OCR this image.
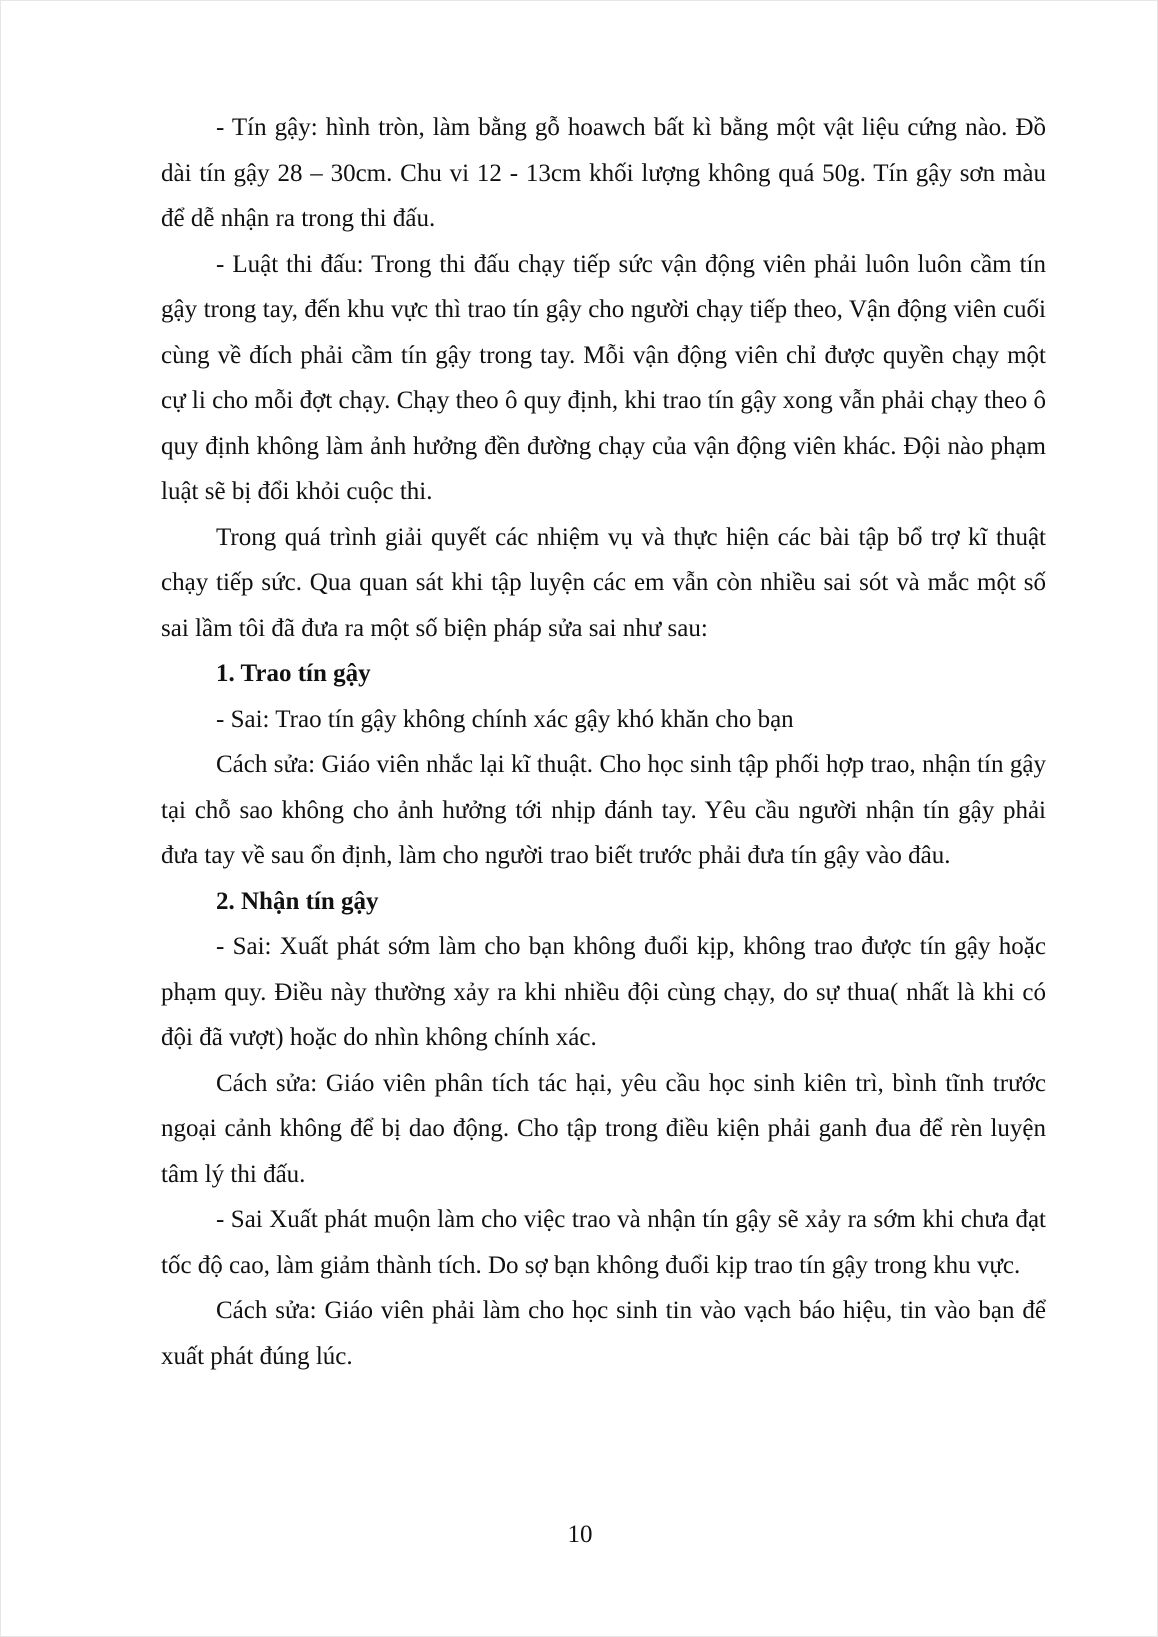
- Tín gậy: hình tròn, làm bằng gỗ hoawch bất kì bằng một vật liệu cứng nào. Đồ dài tín gậy 28 – 30cm. Chu vi 12 - 13cm khối lượng không quá 50g. Tín gậy sơn màu để dễ nhận ra trong thi đấu.

- Luật thi đấu: Trong thi đấu chạy tiếp sức vận động viên phải luôn luôn cầm tín gậy trong tay, đến khu vực thì trao tín gậy cho người chạy tiếp theo, Vận động viên cuối cùng về đích phải cầm tín gậy trong tay. Mỗi vận động viên chỉ được quyền chạy một cự li cho mỗi đợt chạy. Chạy theo ô quy định, khi trao tín gậy xong vẫn phải chạy theo ô quy định không làm ảnh hưởng đền đường chạy của vận động viên khác. Đội nào phạm luật sẽ bị đổi khỏi cuộc thi.

Trong quá trình giải quyết các nhiệm vụ và thực hiện các bài tập bổ trợ kĩ thuật chạy tiếp sức. Qua quan sát khi tập luyện các em vẫn còn nhiều sai sót và mắc một số sai lầm tôi đã đưa ra một số biện pháp sửa sai như sau:

1. Trao tín gậy

- Sai: Trao tín gậy không chính xác gậy khó khăn cho bạn

Cách sửa: Giáo viên nhắc lại kĩ thuật. Cho học sinh tập phối hợp trao, nhận tín gậy tại chỗ sao không cho ảnh hưởng tới nhịp đánh tay. Yêu cầu người nhận tín gậy phải đưa tay về sau ổn định, làm cho người trao biết trước phải đưa tín gậy vào đâu.

2. Nhận tín gậy

- Sai: Xuất phát sớm làm cho bạn không đuổi kịp, không trao được tín gậy hoặc phạm quy. Điều này thường xảy ra khi nhiều đội cùng chạy, do sự thua( nhất là khi có đội đã vượt) hoặc do nhìn không chính xác.

Cách sửa: Giáo viên phân tích tác hại, yêu cầu học sinh kiên trì, bình tĩnh trước ngoại cảnh không để bị dao động. Cho tập trong điều kiện phải ganh đua để rèn luyện tâm lý thi đấu.

- Sai Xuất phát muộn làm cho việc trao và nhận tín gậy sẽ xảy ra sớm khi chưa đạt tốc độ cao, làm giảm thành tích. Do sợ bạn không đuổi kịp trao tín gậy trong khu vực.

Cách sửa: Giáo viên phải làm cho học sinh tin vào vạch báo hiệu, tin vào bạn để xuất phát đúng lúc.

10
